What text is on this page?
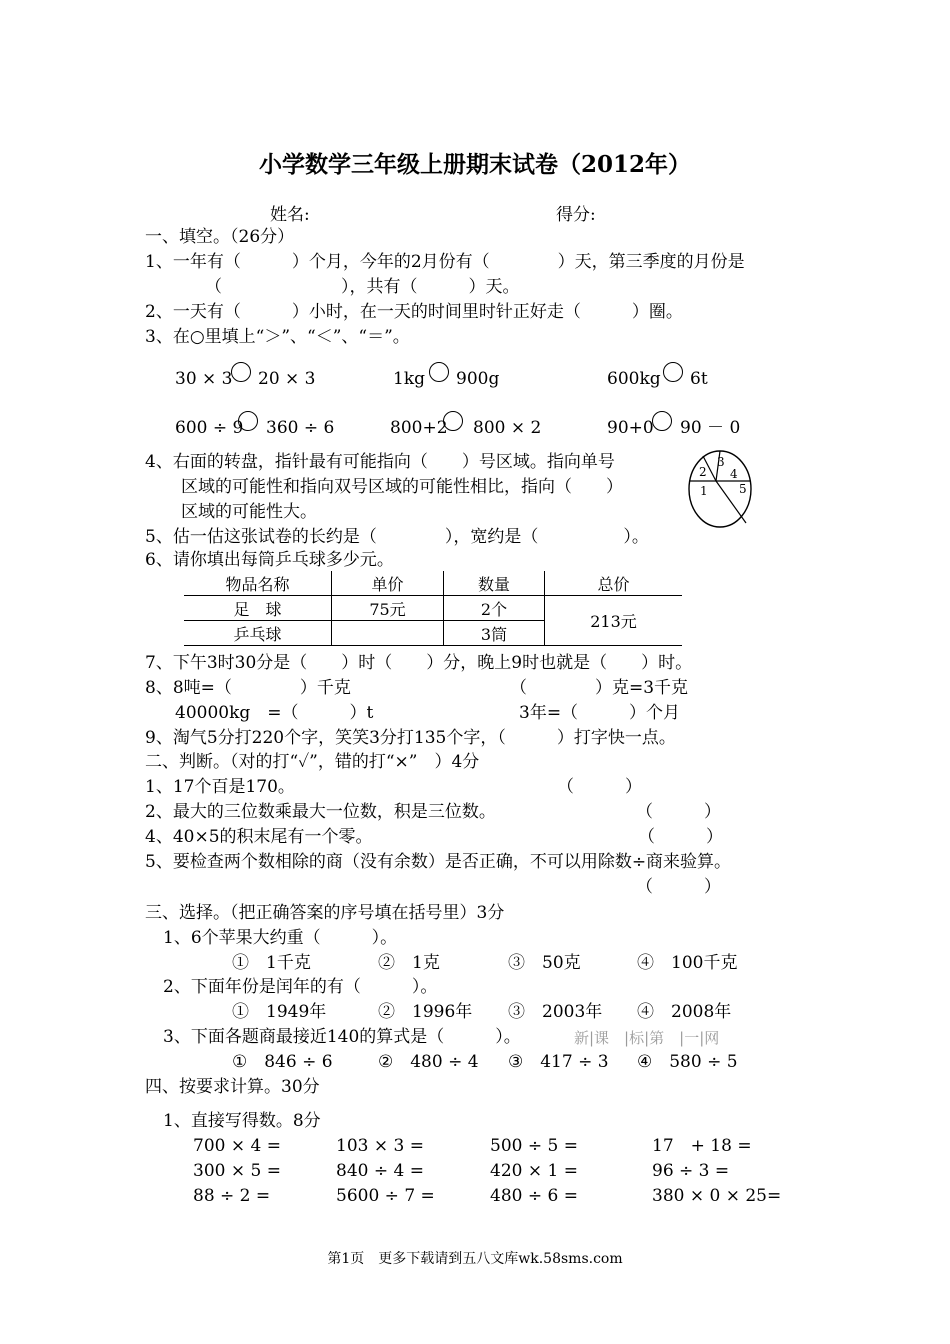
小学数学三年级上册期末试卷（2012年）
姓名:	得分:
一、填空。（26分）
1、一年有（　　　）个月，今年的2月份有（　　　　）天，第三季度的月份是
（　　　　　　　），共有（　　　）天。
2、一天有（　　　）小时，在一天的时间里时针正好走（　　　）圈。
3、在○里填上“＞”、“＜”、“＝”。
30 × 3 20 × 3	1kg 900g	600kg 6t
600 ÷ 9 360 ÷ 6	800+2 800 × 2	90+0 90 － 0
4、右面的转盘，指针最有可能指向（　　）号区域。指向单号
区域的可能性和指向双号区域的可能性相比，指向（　　）
区域的可能性大。
1
2
3
4
5
5、估一估这张试卷的长约是（　　　　），宽约是（　　　　　）。
6、请你填出每筒乒乓球多少元。
物品名称	单价	数量	总价
足　球	75元	2个	213元
乒乓球		3筒	
7、下午3时30分是（　　）时（　　）分，晚上9时也就是（　　）时。
8、8吨=（　　　　）千克	（　　　　）克=3千克
40000kg　=（　　　）t	3年=（　　　）个月
9、淘气5分打220个字，笑笑3分打135个字，（　　　）打字快一点。
二、判断。（对的打“✓”，错的打“×”　）4分
1、17个百是170。	（　　　）
2、最大的三位数乘最大一位数，积是三位数。	（　　　）
4、40×5的积末尾有一个零。	（　　　）
5、要检查两个数相除的商（没有余数）是否正确，不可以用除数÷商来验算。
（　　　）
三、选择。（把正确答案的序号填在括号里）3分
1、6个苹果大约重（　　　）。
①　1千克	②　1克	③　50克	④　100千克
2、下面年份是闰年的有（　　　）。
①　1949年	②　1996年 ③　2003年 ④　2008年
3、下面各题商最接近140的算式是（　　　）。	新|课　|标|第　|一|网
①　846 ÷ 6	②　480 ÷ 4 ③　417 ÷ 3 ④　580 ÷ 5
四、按要求计算。30分
1、直接写得数。8分
700 × 4 =	103 × 3 =	500 ÷ 5 =	17　+ 18 =
300 × 5 =	840 ÷ 4 =	420 × 1 =	96 ÷ 3 =
88 ÷ 2 =	5600 ÷ 7 =	480 ÷ 6 =	380 × 0 × 25=
第1页　更多下载请到五八文库wk.58sms.com
